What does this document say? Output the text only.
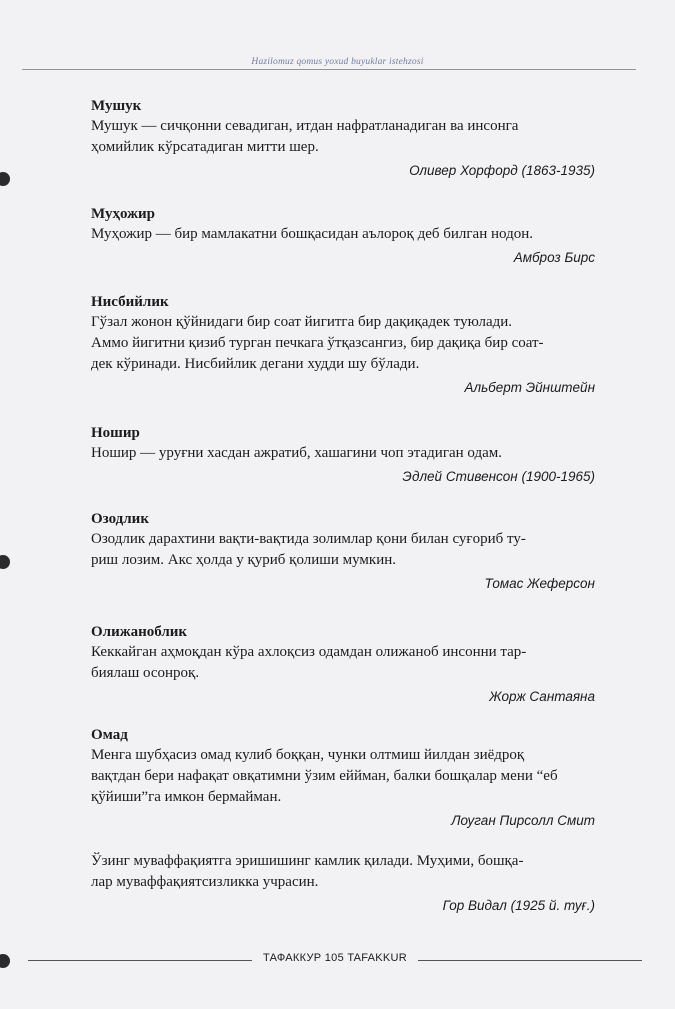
Hazilomuz qomus yoxud buyuklar istehzosi
Мушук
Мушук — сичқонни севадиган, итдан нафратланадиган ва инсонга
ҳомийлик кўрсатадиган митти шер.
Оливер Хорфорд (1863-1935)
Муҳожир
Муҳожир — бир мамлакатни бошқасидан аълороқ деб билган нодон.
Амброз Бирс
Нисбийлик
Гўзал жонон қўйнидаги бир соат йигитга бир дақиқадек туюлади.
Аммо йигитни қизиб турган печкага ўтқазсангиз, бир дақиқа бир соат-
дек кўринади. Нисбийлик дегани худди шу бўлади.
Альберт Эйнштейн
Ношир
Ношир — уруғни хасдан ажратиб, хашагини чоп этадиган одам.
Эдлей Стивенсон (1900-1965)
Озодлик
Озодлик дарахтини вақти-вақтида золимлар қони билан суғориб ту-
риш лозим. Акс ҳолда у қуриб қолиши мумкин.
Томас Жеферсон
Олижаноблик
Кеккайган аҳмоқдан кўра ахлоқсиз одамдан олижаноб инсонни тар-
биялаш осонроқ.
Жорж Сантаяна
Омад
Менга шубҳасиз омад кулиб боққан, чунки олтмиш йилдан зиёдроқ
вақтдан бери нафақат овқатимни ўзим еййман, балки бошқалар мени “еб
қўйиши”га имкон бермайман.
Лоуган Пирсолл Смит
Ўзинг муваффақиятга эришишинг камлик қилади. Муҳими, бошқа-
лар муваффақиятсизликка учрасин.
Гор Видал (1925 й. туғ.)
ТАФАККУР 105 TAFAKKUR
